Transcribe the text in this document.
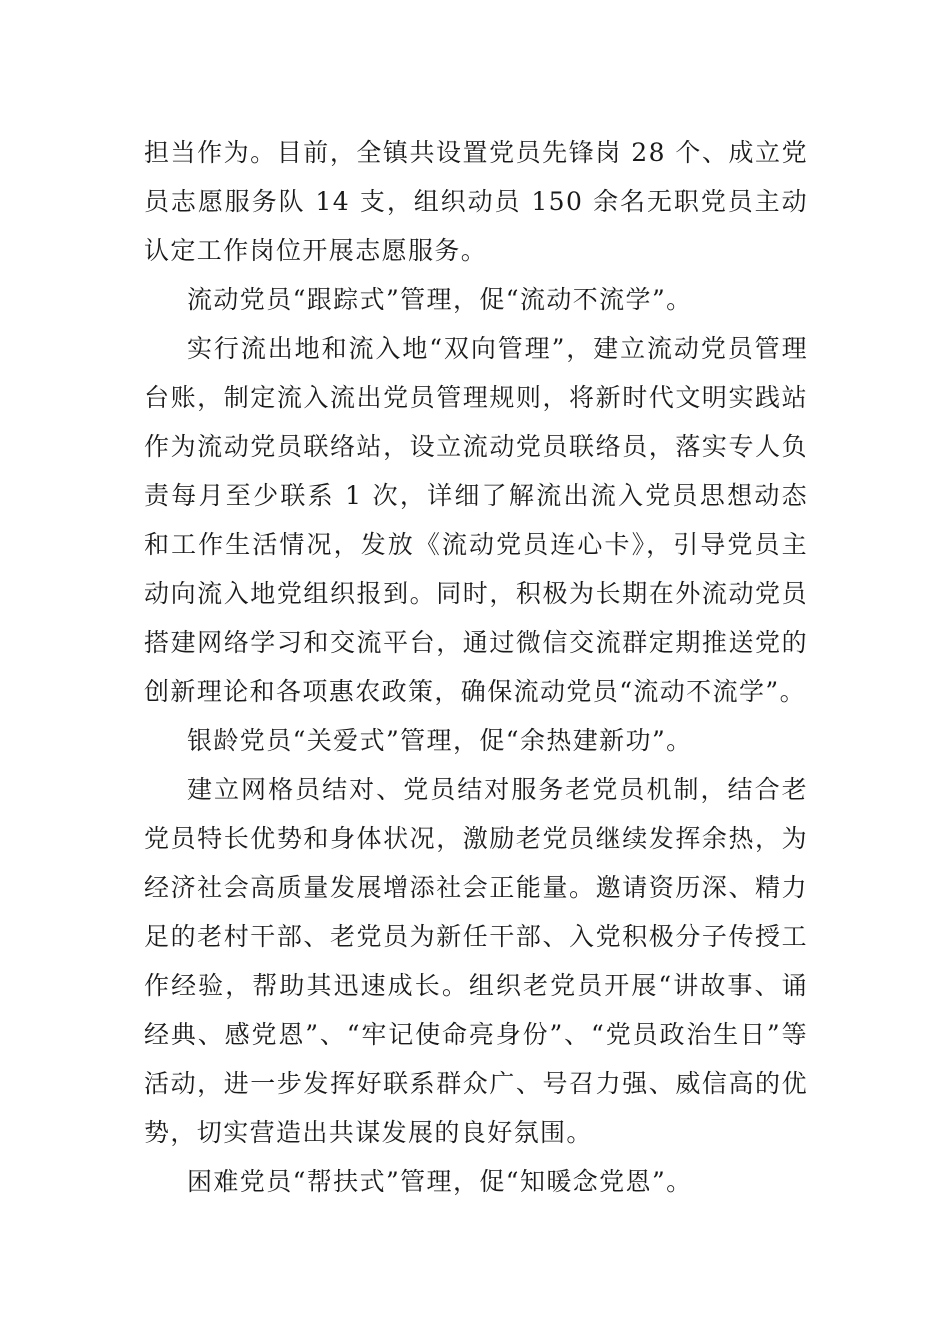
担当作为。目前，全镇共设置党员先锋岗 28 个、成立党员志愿服务队 14 支，组织动员 150 余名无职党员主动认定工作岗位开展志愿服务。

流动党员“跟踪式”管理，促“流动不流学”。

实行流出地和流入地“双向管理”，建立流动党员管理台账，制定流入流出党员管理规则，将新时代文明实践站作为流动党员联络站，设立流动党员联络员，落实专人负责每月至少联系 1 次，详细了解流出流入党员思想动态和工作生活情况，发放《流动党员连心卡》，引导党员主动向流入地党组织报到。同时，积极为长期在外流动党员搭建网络学习和交流平台，通过微信交流群定期推送党的创新理论和各项惠农政策，确保流动党员“流动不流学”。

银龄党员“关爱式”管理，促“余热建新功”。

建立网格员结对、党员结对服务老党员机制，结合老党员特长优势和身体状况，激励老党员继续发挥余热，为经济社会高质量发展增添社会正能量。邀请资历深、精力足的老村干部、老党员为新任干部、入党积极分子传授工作经验，帮助其迅速成长。组织老党员开展“讲故事、诵经典、感党恩”、“牢记使命亮身份”、“党员政治生日”等活动，进一步发挥好联系群众广、号召力强、威信高的优势，切实营造出共谋发展的良好氛围。

困难党员“帮扶式”管理，促“知暖念党恩”。
